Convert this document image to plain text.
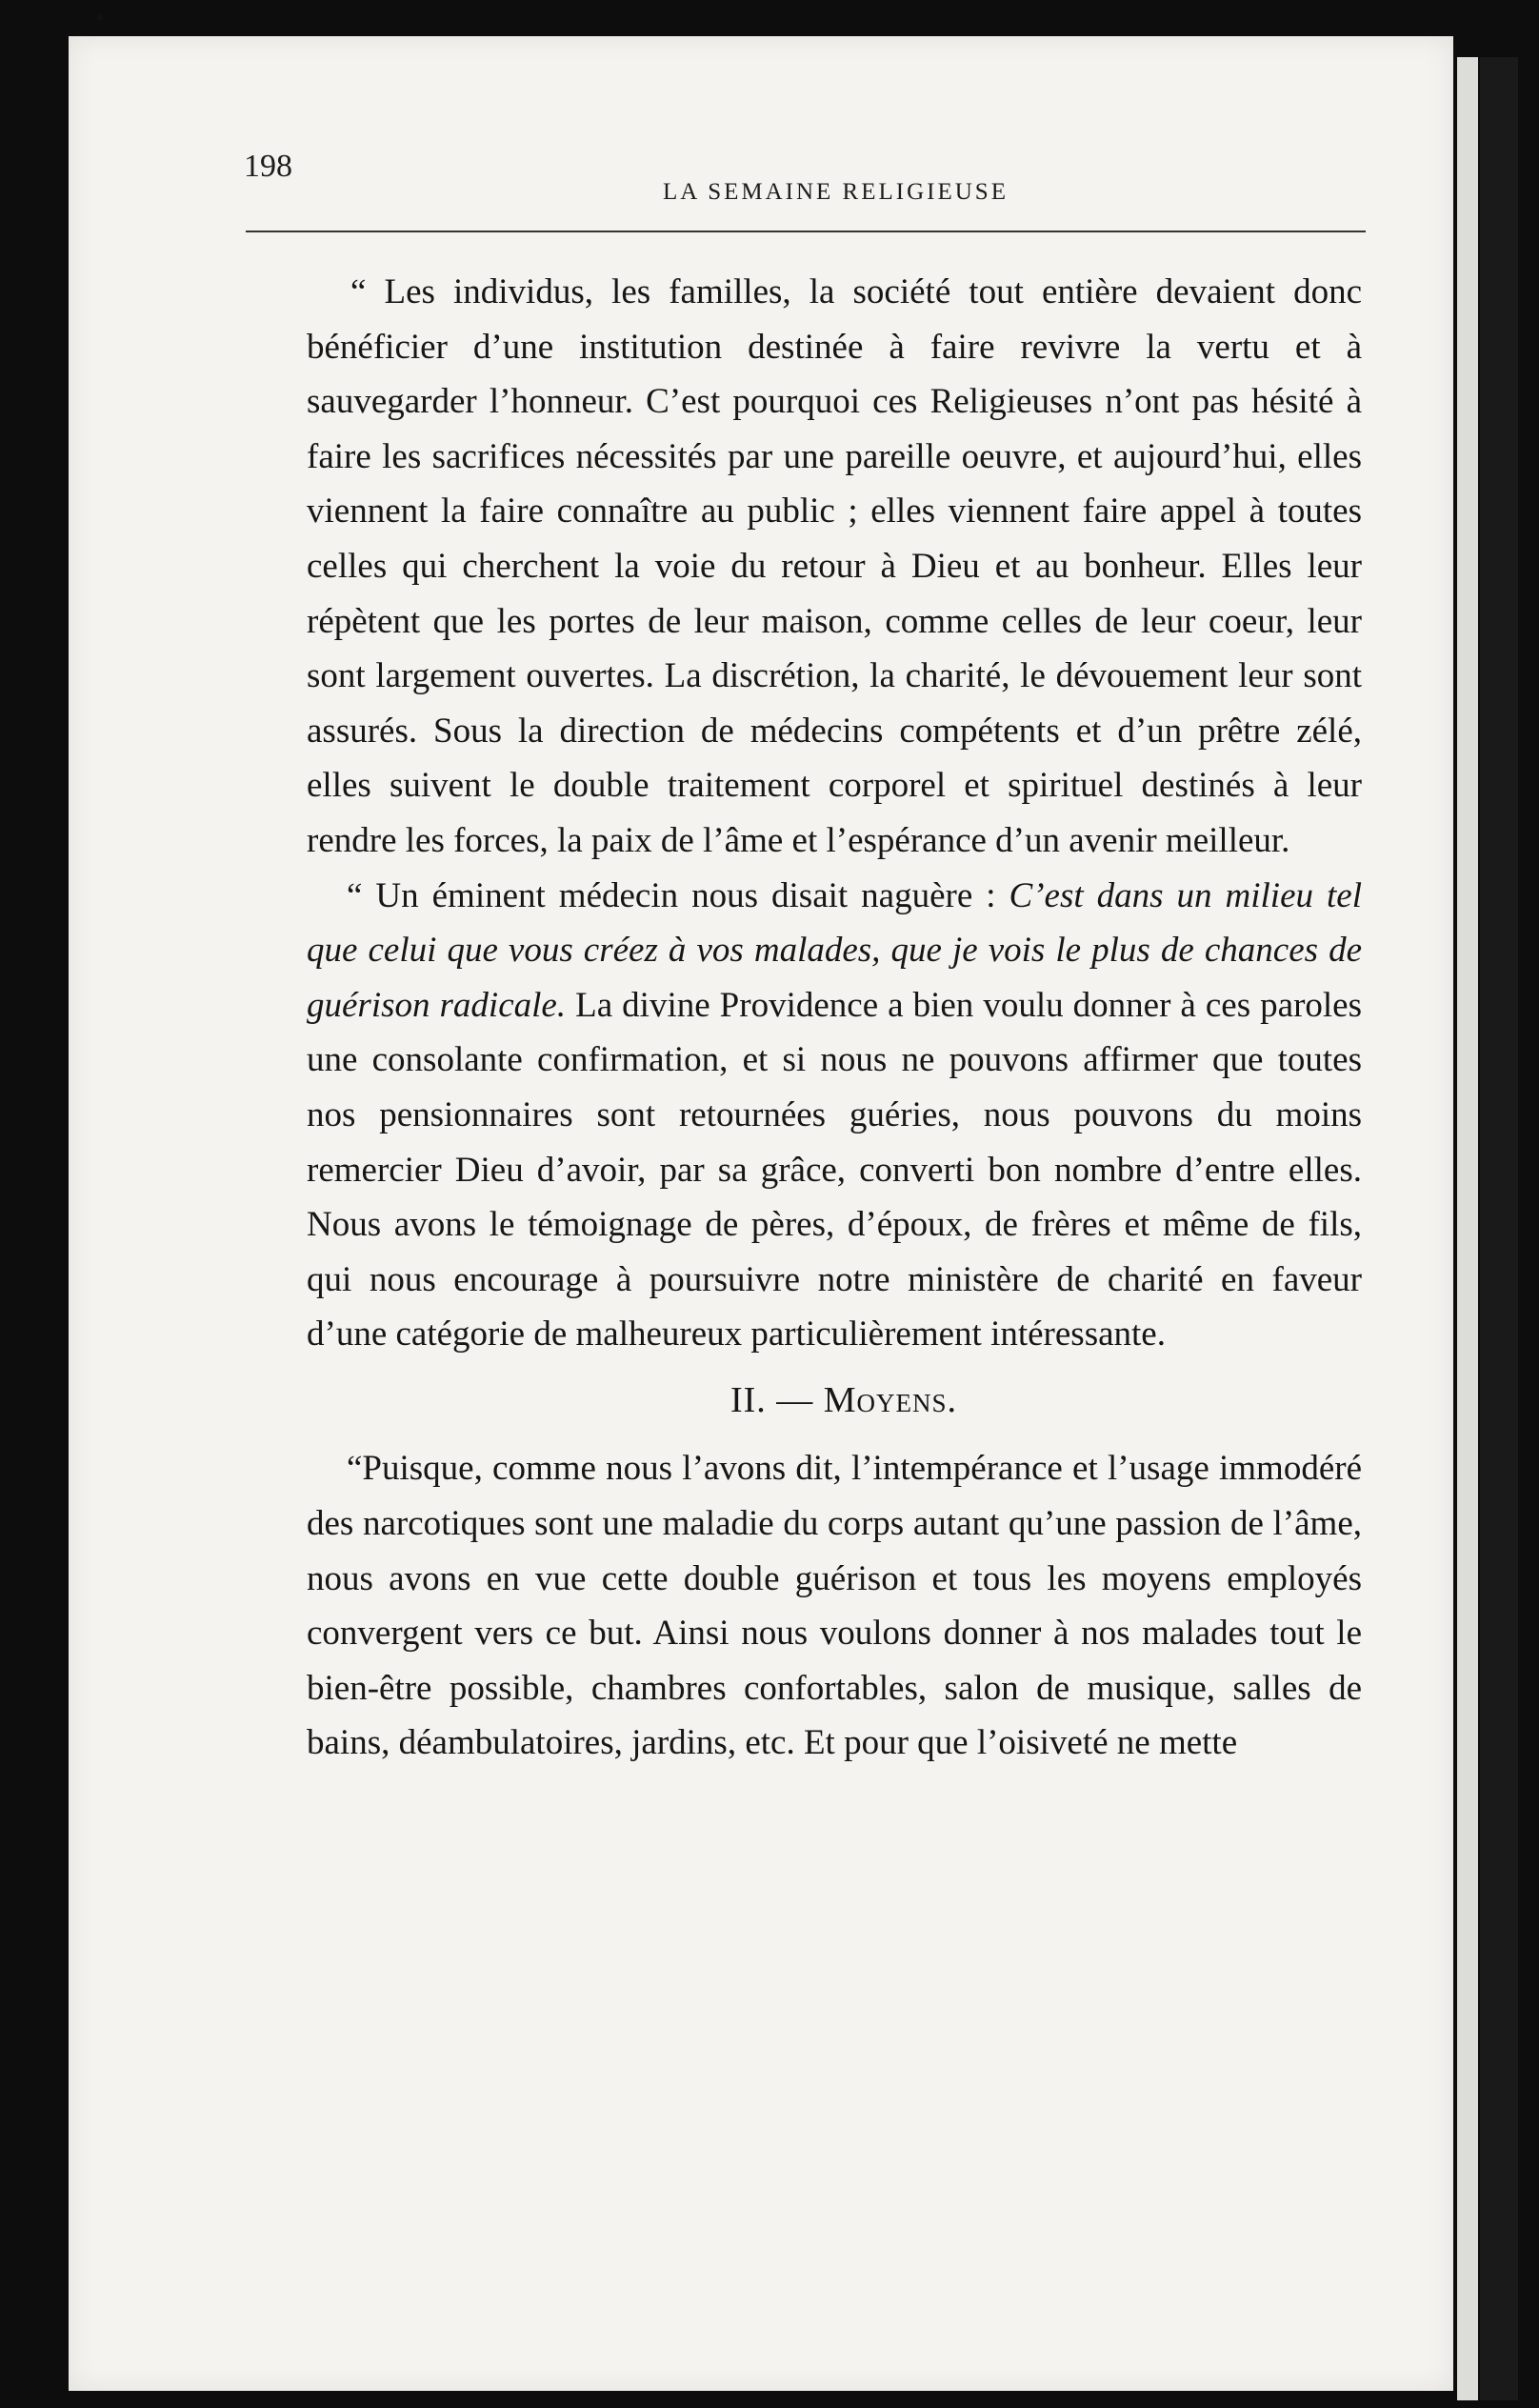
•
198
LA SEMAINE RELIGIEUSE

“ Les individus, les familles, la société tout entière devaient donc bénéficier d’une institution destinée à faire revivre la vertu et à sauvegarder l’honneur. C’est pourquoi ces Religieuses n’ont pas hésité à faire les sacrifices nécessités par une pareille oeuvre, et aujourd’hui, elles viennent la faire connaître au public ; elles viennent faire appel à toutes celles qui cherchent la voie du retour à Dieu et au bonheur. Elles leur répètent que les portes de leur maison, comme celles de leur coeur, leur sont largement ouvertes. La discrétion, la charité, le dévouement leur sont assurés. Sous la direction de médecins compétents et d’un prêtre zélé, elles suivent le double traitement corporel et spirituel destinés à leur rendre les forces, la paix de l’âme et l’espérance d’un avenir meilleur.

“ Un éminent médecin nous disait naguère : C’est dans un milieu tel que celui que vous créez à vos malades, que je vois le plus de chances de guérison radicale. La divine Providence a bien voulu donner à ces paroles une consolante confirmation, et si nous ne pouvons affirmer que toutes nos pensionnaires sont retournées guéries, nous pouvons du moins remercier Dieu d’avoir, par sa grâce, converti bon nombre d’entre elles. Nous avons le témoignage de pères, d’époux, de frères et même de fils, qui nous encourage à poursuivre notre ministère de charité en faveur d’une catégorie de malheureux particulièrement intéressante.

II. — Moyens.

“Puisque, comme nous l’avons dit, l’intempérance et l’usage immodéré des narcotiques sont une maladie du corps autant qu’une passion de l’âme, nous avons en vue cette double guérison et tous les moyens employés convergent vers ce but. Ainsi nous voulons donner à nos malades tout le bien-être possible, chambres confortables, salon de musique, salles de bains, déambulatoires, jardins, etc. Et pour que l’oisiveté ne mette
